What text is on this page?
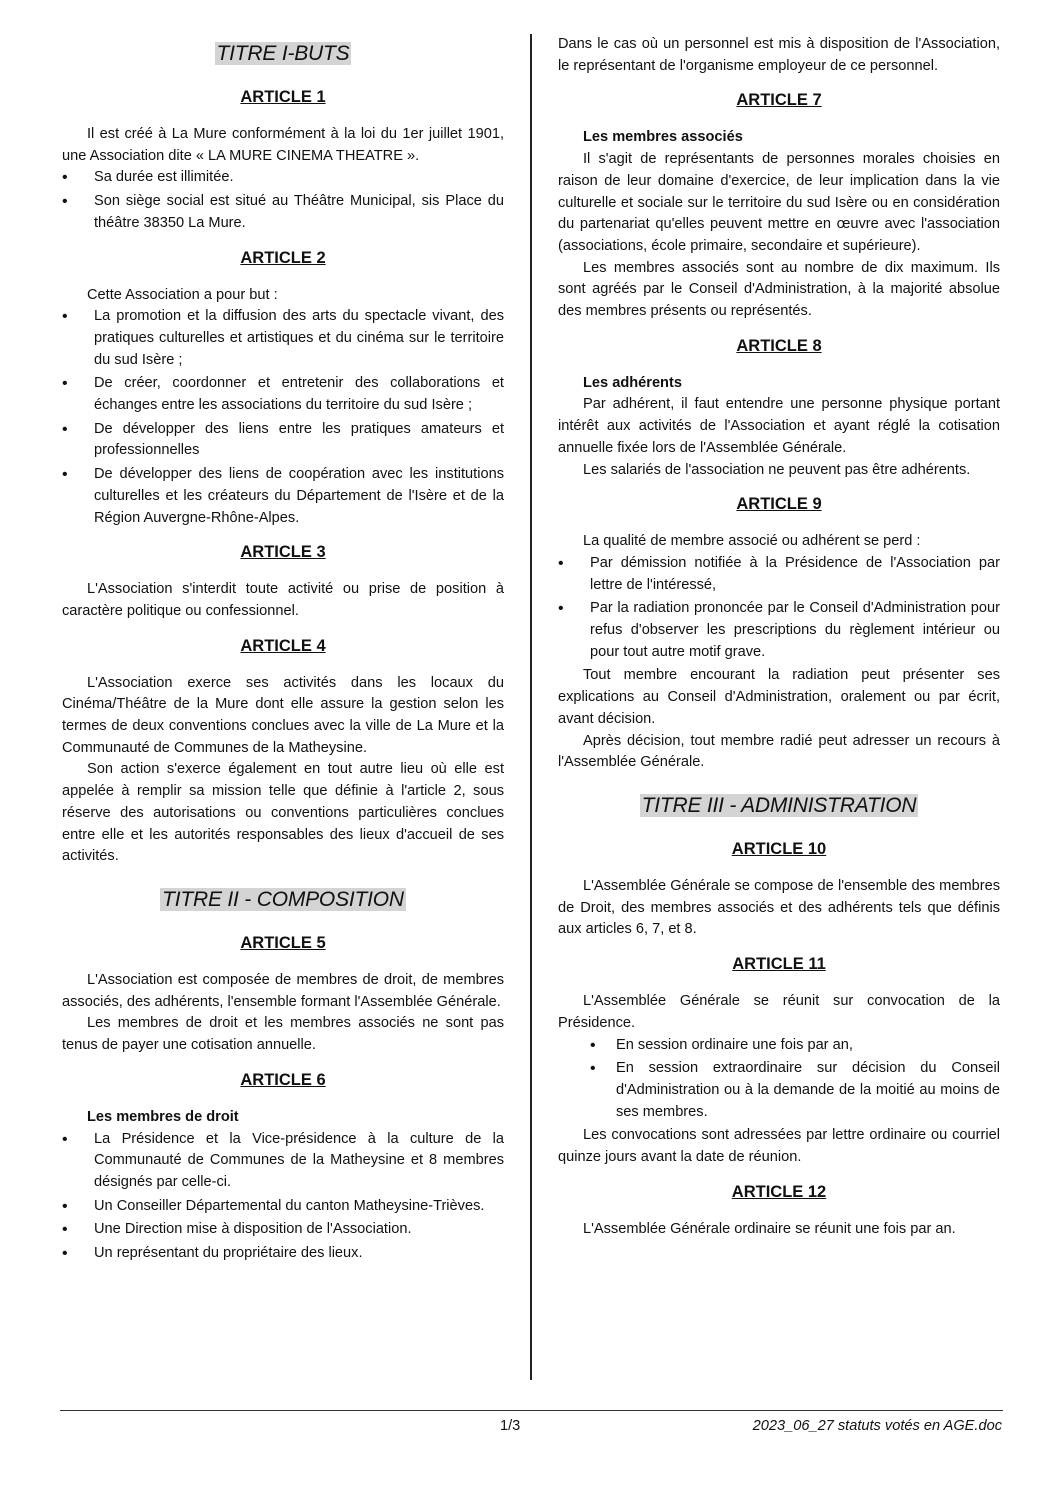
TITRE I-BUTS
ARTICLE 1

Il est créé à La Mure conformément à la loi du 1er juillet 1901, une Association dite « LA MURE CINEMA THEATRE ».

• Sa durée est illimitée.
• Son siège social est situé au Théâtre Municipal, sis Place du théâtre 38350 La Mure.
ARTICLE 2

Cette Association a pour but :

• La promotion et la diffusion des arts du spectacle vivant, des pratiques culturelles et artistiques et du cinéma sur le territoire du sud Isère ;
• De créer, coordonner et entretenir des collaborations et échanges entre les associations du territoire du sud Isère ;
• De développer des liens entre les pratiques amateurs et professionnelles
• De développer des liens de coopération avec les institutions culturelles et les créateurs du Département de l'Isère et de la Région Auvergne-Rhône-Alpes.
ARTICLE 3

L'Association s'interdit toute activité ou prise de position à caractère politique ou confessionnel.

ARTICLE 4

L'Association exerce ses activités dans les locaux du Cinéma/Théâtre de la Mure dont elle assure la gestion selon les termes de deux conventions conclues avec la ville de La Mure et la Communauté de Communes de la Matheysine.

Son action s'exerce également en tout autre lieu où elle est appelée à remplir sa mission telle que définie à l'article 2, sous réserve des autorisations ou conventions particulières conclues entre elle et les autorités responsables des lieux d'accueil de ses activités.

TITRE II - COMPOSITION
ARTICLE 5

L'Association est composée de membres de droit, de membres associés, des adhérents, l'ensemble formant l'Assemblée Générale.

Les membres de droit et les membres associés ne sont pas tenus de payer une cotisation annuelle.

ARTICLE 6
Les membres de droit
• La Présidence et la Vice-présidence à la culture de la Communauté de Communes de la Matheysine et 8 membres désignés par celle-ci.
• Un Conseiller Départemental du canton Matheysine-Trièves.
• Une Direction mise à disposition de l'Association.
• Un représentant du propriétaire des lieux.

Dans le cas où un personnel est mis à disposition de l'Association, le représentant de l'organisme employeur de ce personnel.

ARTICLE 7
Les membres associés

Il s'agit de représentants de personnes morales choisies en raison de leur domaine d'exercice, de leur implication dans la vie culturelle et sociale sur le territoire du sud Isère ou en considération du partenariat qu'elles peuvent mettre en œuvre avec l'association (associations, école primaire, secondaire et supérieure).

Les membres associés sont au nombre de dix maximum. Ils sont agréés par le Conseil d'Administration, à la majorité absolue des membres présents ou représentés.

ARTICLE 8
Les adhérents

Par adhérent, il faut entendre une personne physique portant intérêt aux activités de l'Association et ayant réglé la cotisation annuelle fixée lors de l'Assemblée Générale.

Les salariés de l'association ne peuvent pas être adhérents.

ARTICLE 9

La qualité de membre associé ou adhérent se perd :

• Par démission notifiée à la Présidence de l'Association par lettre de l'intéressé,
• Par la radiation prononcée par le Conseil d'Administration pour refus d'observer les prescriptions du règlement intérieur ou pour tout autre motif grave.

Tout membre encourant la radiation peut présenter ses explications au Conseil d'Administration, oralement ou par écrit, avant décision.

Après décision, tout membre radié peut adresser un recours à l'Assemblée Générale.

TITRE III - ADMINISTRATION
ARTICLE 10

L'Assemblée Générale se compose de l'ensemble des membres de Droit, des membres associés et des adhérents tels que définis aux articles 6, 7, et 8.

ARTICLE 11

L'Assemblée Générale se réunit sur convocation de la Présidence.

• En session ordinaire une fois par an,
• En session extraordinaire sur décision du Conseil d'Administration ou à la demande de la moitié au moins de ses membres.

Les convocations sont adressées par lettre ordinaire ou courriel quinze jours avant la date de réunion.

ARTICLE 12

L'Assemblée Générale ordinaire se réunit une fois par an.

1/3	2023_06_27 statuts votés en AGE.doc
